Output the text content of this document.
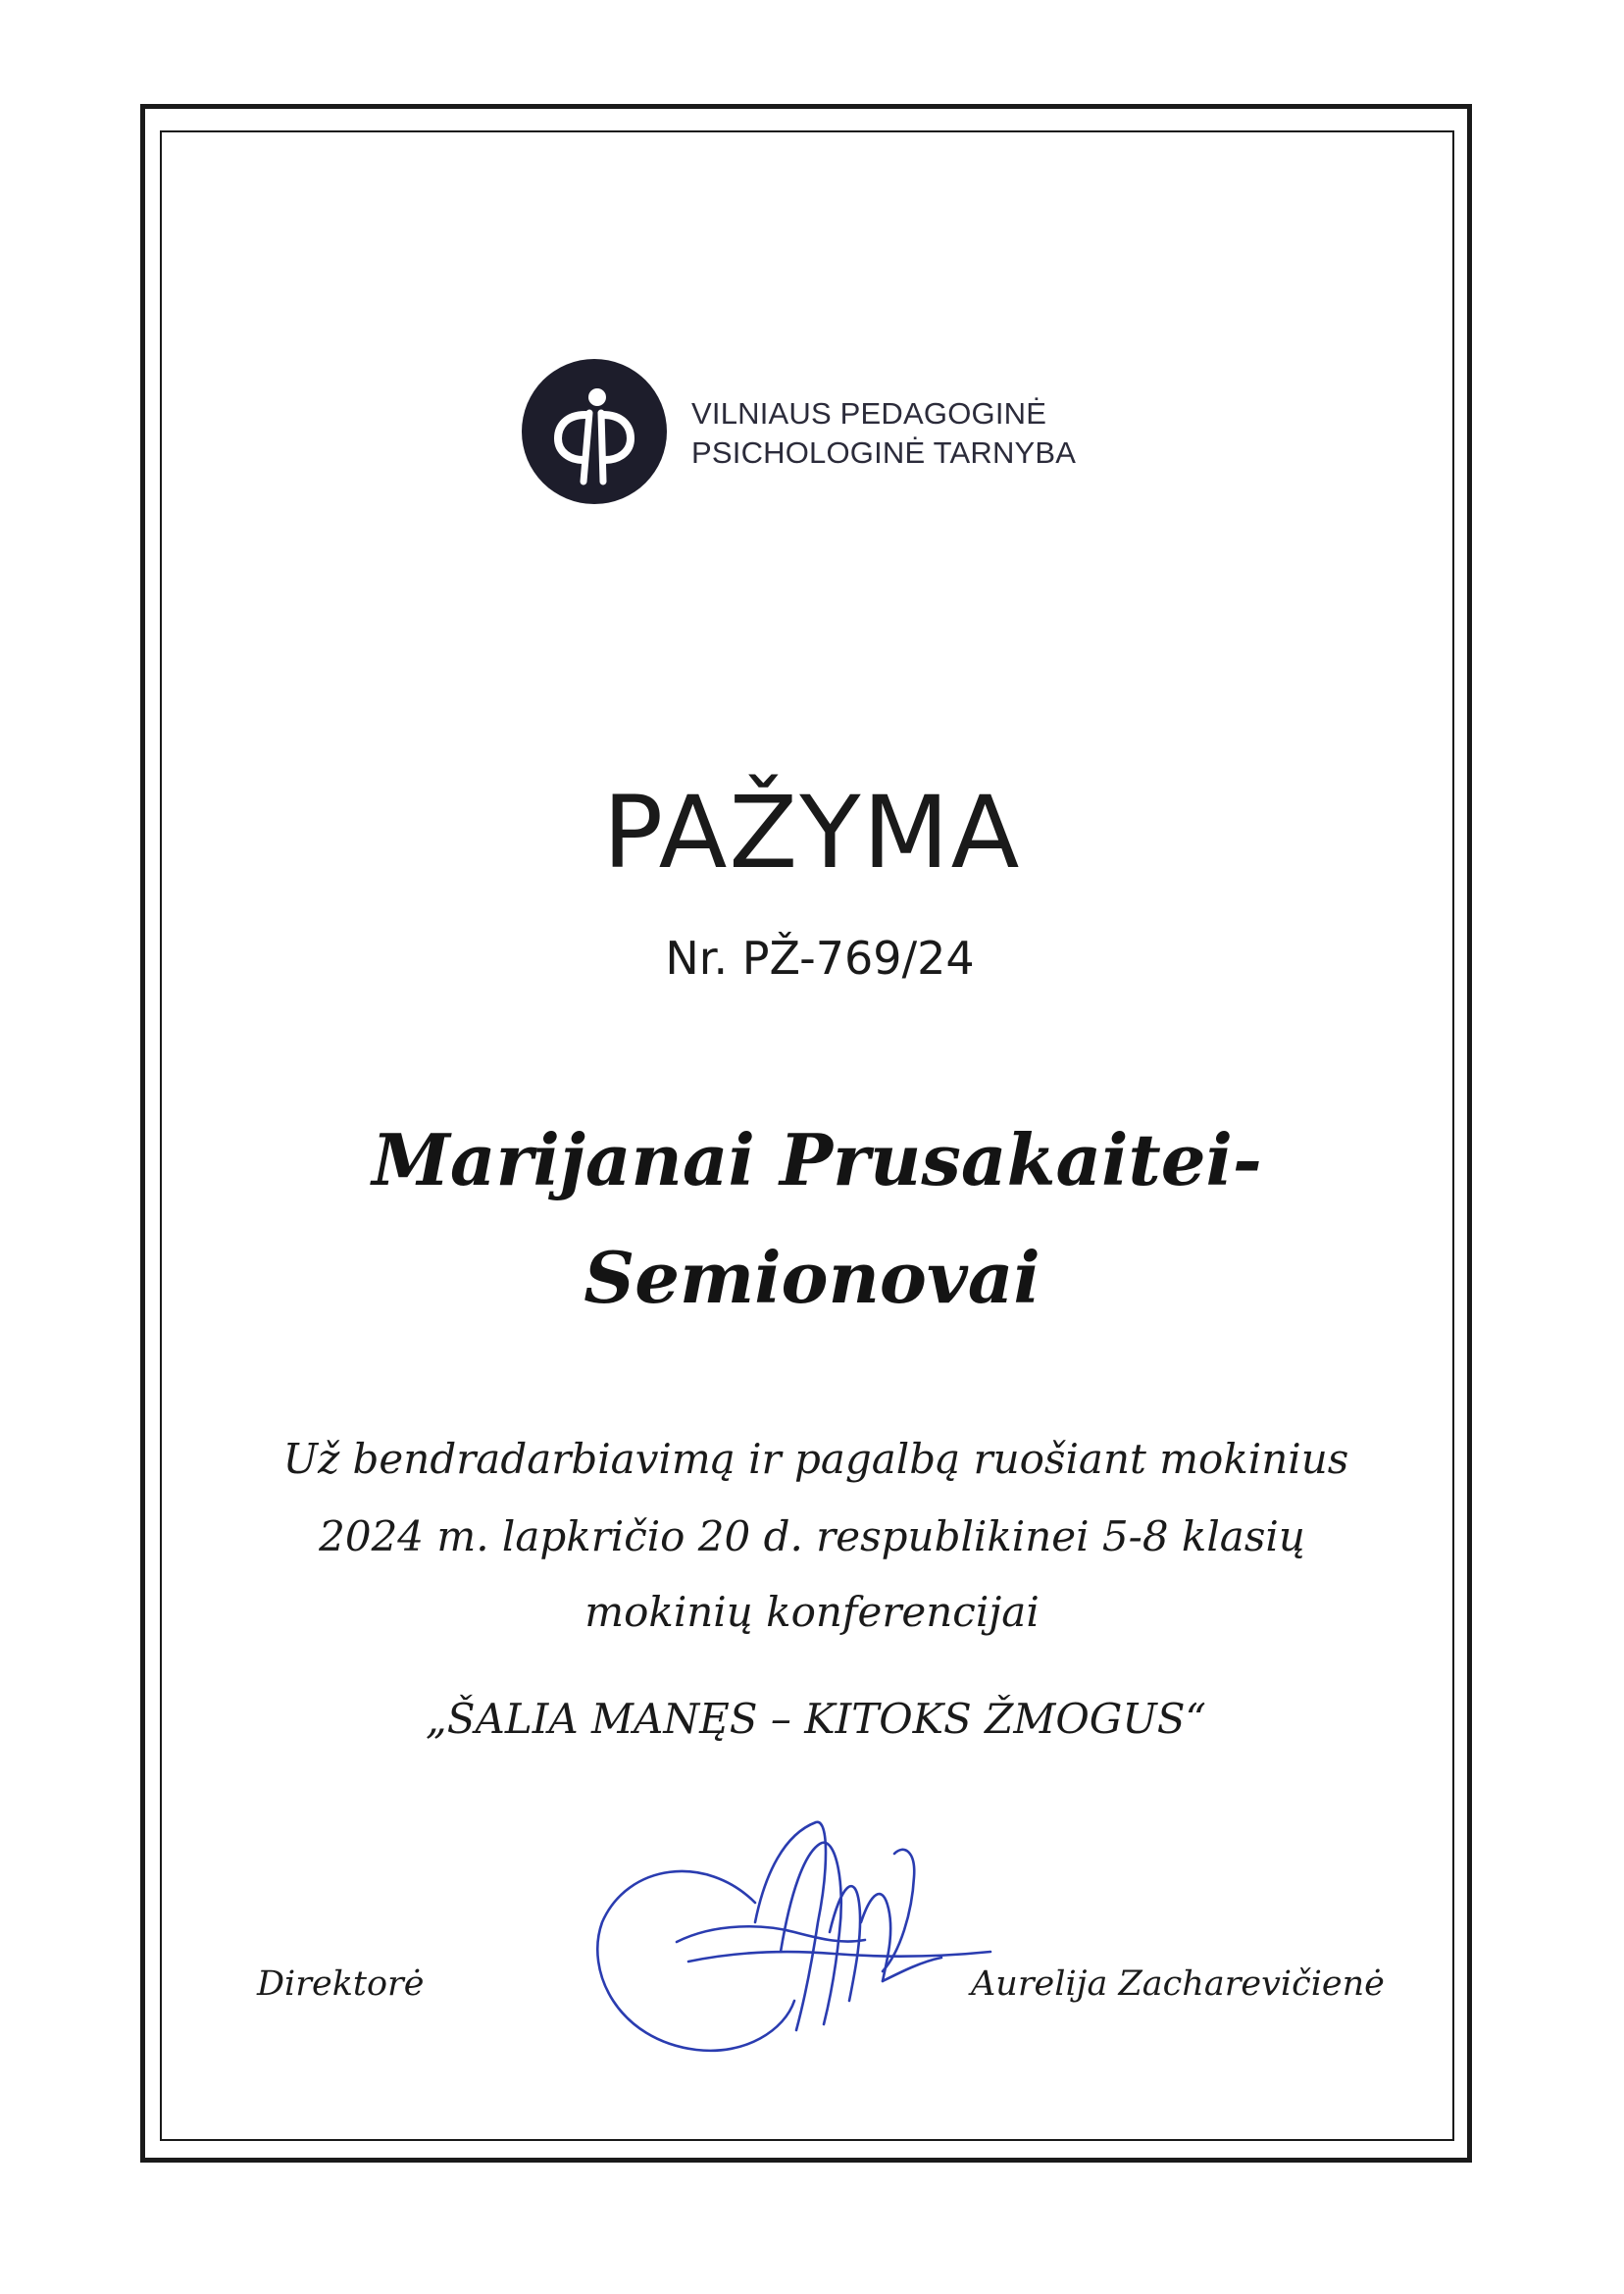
VILNIAUS PEDAGOGINĖ
PSICHOLOGINĖ TARNYBA
PAŽYMA
Nr. PŽ-769/24
Marijanai Prusakaitei-
Semionovai
Už bendradarbiavimą ir pagalbą ruošiant mokinius
2024 m. lapkričio 20 d. respublikinei 5-8 klasių
mokinių konferencijai
„ŠALIA MANĘS – KITOKS ŽMOGUS“
Direktorė	Aurelija Zacharevičienė
